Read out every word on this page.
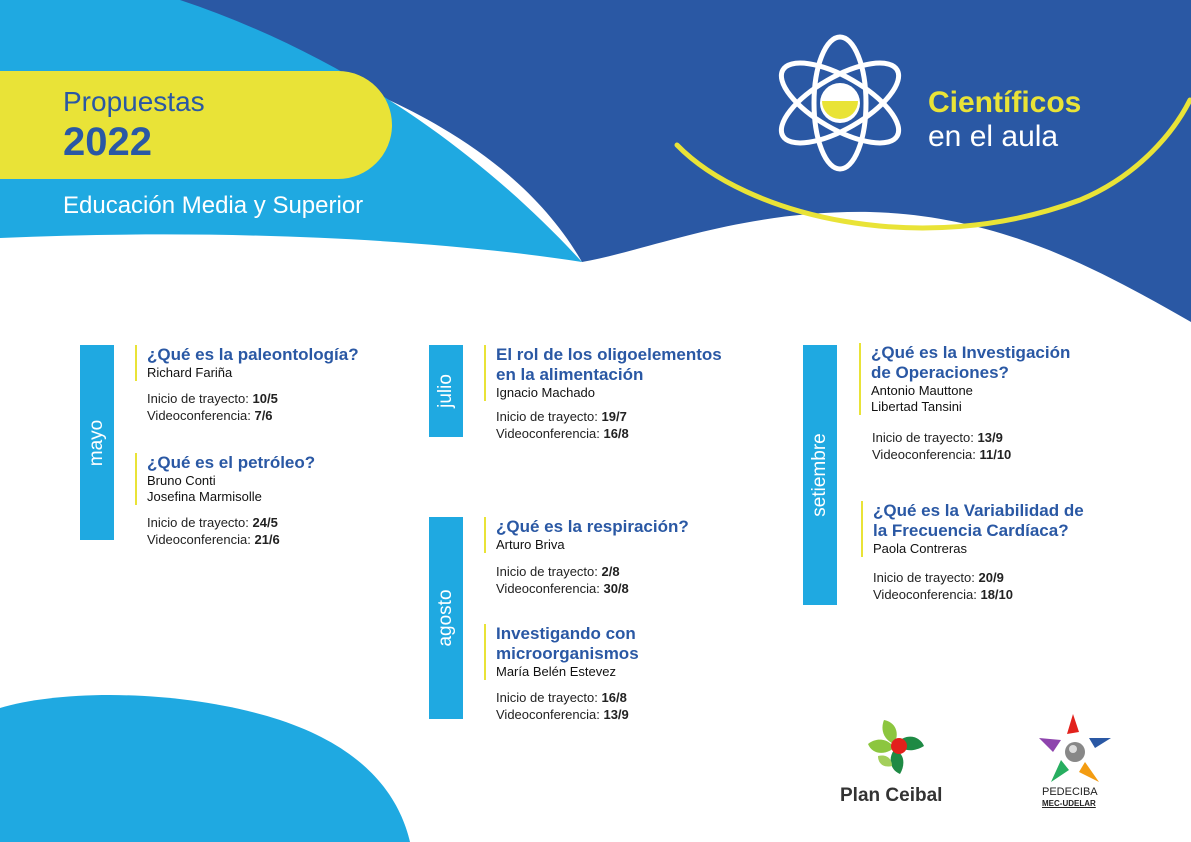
Propuestas
2022
Educación Media y Superior
Científicos
en el aula
mayo
julio
agosto
setiembre
¿Qué es la paleontología?
Richard Fariña
Inicio de trayecto: 10/5
Videoconferencia: 7/6
¿Qué es el petróleo?
Bruno Conti
Josefina Marmisolle
Inicio de trayecto: 24/5
Videoconferencia: 21/6
El rol de los oligoelementos
en la alimentación
Ignacio Machado
Inicio de trayecto: 19/7
Videoconferencia: 16/8
¿Qué es la respiración?
Arturo Briva
Inicio de trayecto: 2/8
Videoconferencia: 30/8
Investigando con
microorganismos
María Belén Estevez
Inicio de trayecto: 16/8
Videoconferencia: 13/9
¿Qué es la Investigación
de Operaciones?
Antonio Mauttone
Libertad Tansini
Inicio de trayecto: 13/9
Videoconferencia: 11/10
¿Qué es la Variabilidad de
la Frecuencia Cardíaca?
Paola Contreras
Inicio de trayecto: 20/9
Videoconferencia: 18/10
Plan Ceibal	PEDECIBA
MEC-UDELAR
